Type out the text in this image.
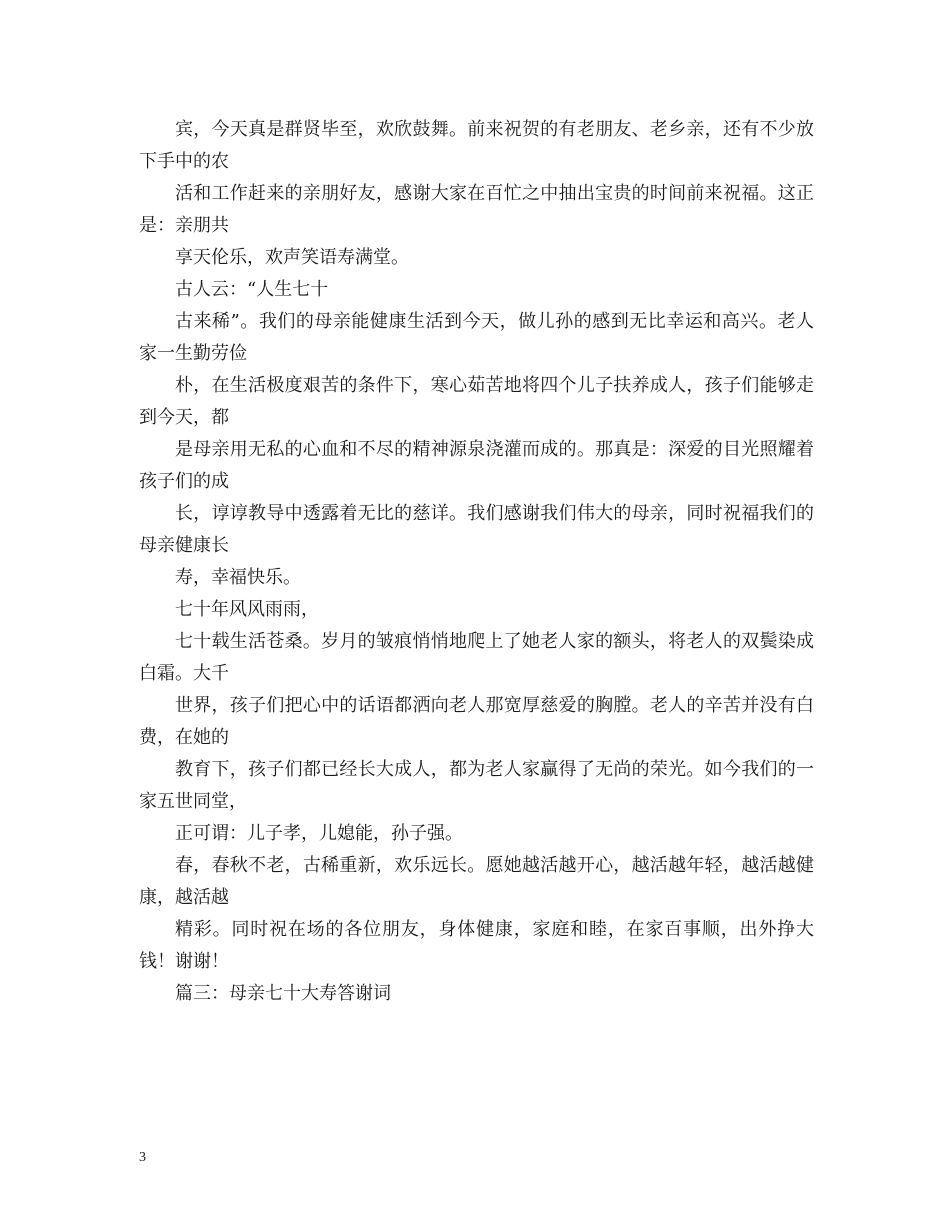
宾，今天真是群贤毕至，欢欣鼓舞。前来祝贺的有老朋友、老乡亲，还有不少放下手中的农

活和工作赶来的亲朋好友，感谢大家在百忙之中抽出宝贵的时间前来祝福。这正是：亲朋共

享天伦乐，欢声笑语寿满堂。

古人云：“人生七十

古来稀”。我们的母亲能健康生活到今天，做儿孙的感到无比幸运和高兴。老人家一生勤劳俭

朴，在生活极度艰苦的条件下，寒心茹苦地将四个儿子扶养成人，孩子们能够走到今天，都

是母亲用无私的心血和不尽的精神源泉浇灌而成的。那真是：深爱的目光照耀着孩子们的成

长，谆谆教导中透露着无比的慈详。我们感谢我们伟大的母亲，同时祝福我们的母亲健康长

寿，幸福快乐。

七十年风风雨雨，

七十载生活苍桑。岁月的皱痕悄悄地爬上了她老人家的额头，将老人的双鬓染成白霜。大千

世界，孩子们把心中的话语都洒向老人那宽厚慈爱的胸膛。老人的辛苦并没有白费，在她的

教育下，孩子们都已经长大成人，都为老人家赢得了无尚的荣光。如今我们的一家五世同堂，

正可谓：儿子孝，儿媳能，孙子强。

春，春秋不老，古稀重新，欢乐远长。愿她越活越开心，越活越年轻，越活越健康，越活越

精彩。同时祝在场的各位朋友，身体健康，家庭和睦，在家百事顺，出外挣大钱！谢谢！

篇三：母亲七十大寿答谢词

3
